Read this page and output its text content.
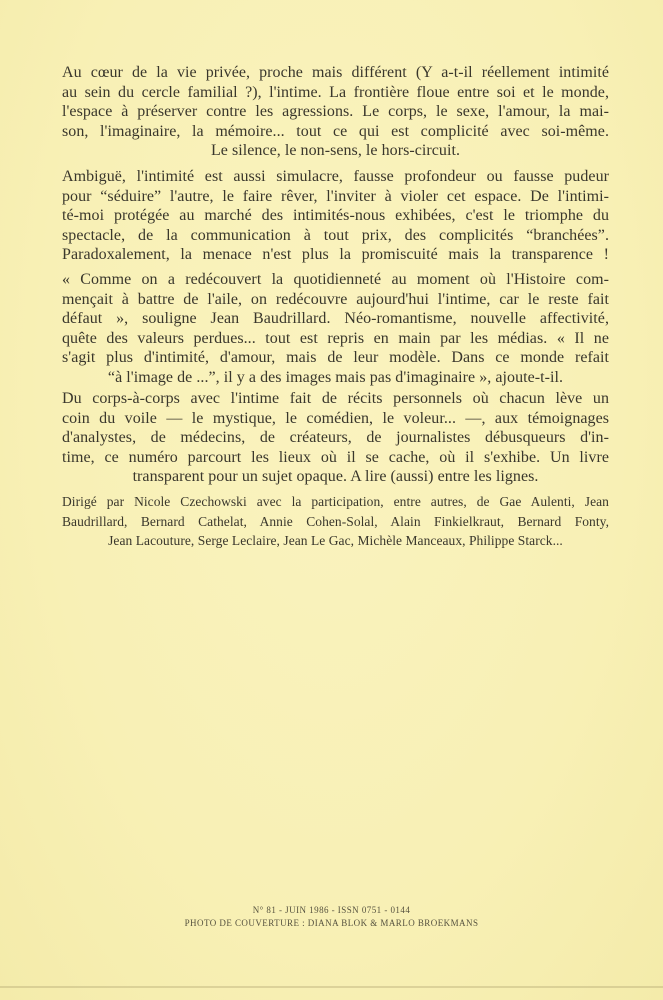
Au cœur de la vie privée, proche mais différent (Y a-t-il réellement intimité
au sein du cercle familial ?), l'intime. La frontière floue entre soi et le monde,
l'espace à préserver contre les agressions. Le corps, le sexe, l'amour, la mai-
son, l'imaginaire, la mémoire... tout ce qui est complicité avec soi-même.
Le silence, le non-sens, le hors-circuit.
Ambiguë, l'intimité est aussi simulacre, fausse profondeur ou fausse pudeur
pour “séduire” l'autre, le faire rêver, l'inviter à violer cet espace. De l'intimi-
té-moi protégée au marché des intimités-nous exhibées, c'est le triomphe du
spectacle, de la communication à tout prix, des complicités “branchées”.
Paradoxalement, la menace n'est plus la promiscuité mais la transparence !
« Comme on a redécouvert la quotidienneté au moment où l'Histoire com-
mençait à battre de l'aile, on redécouvre aujourd'hui l'intime, car le reste fait
défaut », souligne Jean Baudrillard. Néo-romantisme, nouvelle affectivité,
quête des valeurs perdues... tout est repris en main par les médias. « Il ne
s'agit plus d'intimité, d'amour, mais de leur modèle. Dans ce monde refait
“à l'image de ...”, il y a des images mais pas d'imaginaire », ajoute-t-il.
Du corps-à-corps avec l'intime fait de récits personnels où chacun lève un
coin du voile — le mystique, le comédien, le voleur... —, aux témoignages
d'analystes, de médecins, de créateurs, de journalistes débusqueurs d'in-
time, ce numéro parcourt les lieux où il se cache, où il s'exhibe. Un livre
transparent pour un sujet opaque. A lire (aussi) entre les lignes.
Dirigé par Nicole Czechowski avec la participation, entre autres, de Gae Aulenti, Jean
Baudrillard, Bernard Cathelat, Annie Cohen-Solal, Alain Finkielkraut, Bernard Fonty,
Jean Lacouture, Serge Leclaire, Jean Le Gac, Michèle Manceaux, Philippe Starck...
N° 81 - JUIN 1986 - ISSN 0751 - 0144
PHOTO DE COUVERTURE : DIANA BLOK & MARLO BROEKMANS
